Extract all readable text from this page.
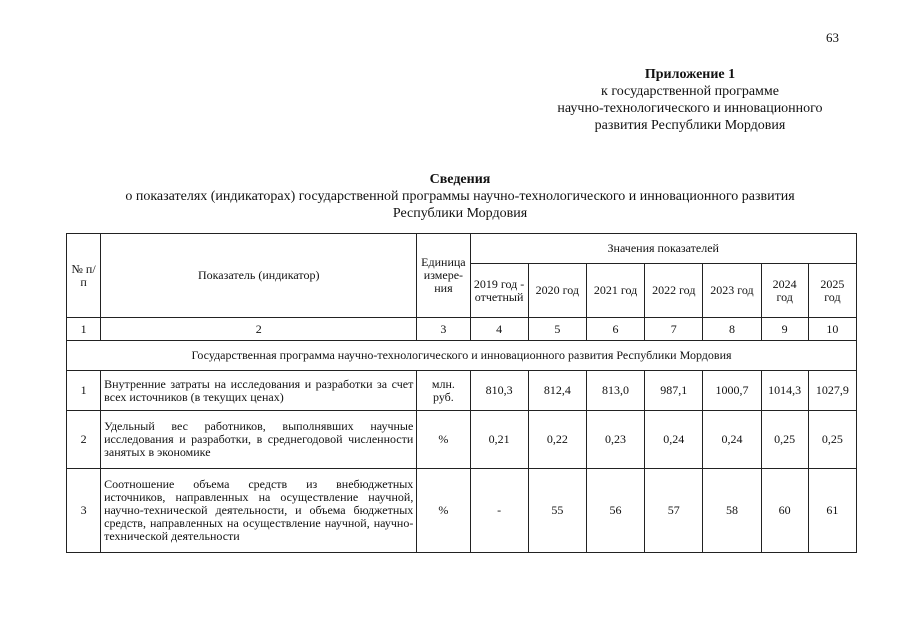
63
Приложение 1
к государственной программе
научно-технологического и инновационного
развития Республики Мордовия
Сведения
о показателях (индикаторах) государственной программы научно-технологического и инновационного развития
Республики Мордовия
№ п/п	Показатель (индикатор)	Единица измере-ния	Значения показателей						
			2019 год - отчетный	2020 год	2021 год	2022 год	2023 год	2024 год	2025 год
1	2	3	4	5	6	7	8	9	10
Государственная программа научно-технологического и инновационного развития Республики Мордовия									
1	Внутренние затраты на исследования и разработки за счет всех источников (в текущих ценах)	млн. руб.	810,3	812,4	813,0	987,1	1000,7	1014,3	1027,9
2	Удельный вес работников, выполнявших научные исследования и разработки, в среднегодовой численности занятых в экономике	%	0,21	0,22	0,23	0,24	0,24	0,25	0,25
3	Соотношение объема средств из внебюджетных источников, направленных на осуществление научной, научно-технической деятельности, и объема бюджетных средств, направленных на осуществление научной, научно-технической деятельности	%	-	55	56	57	58	60	61
